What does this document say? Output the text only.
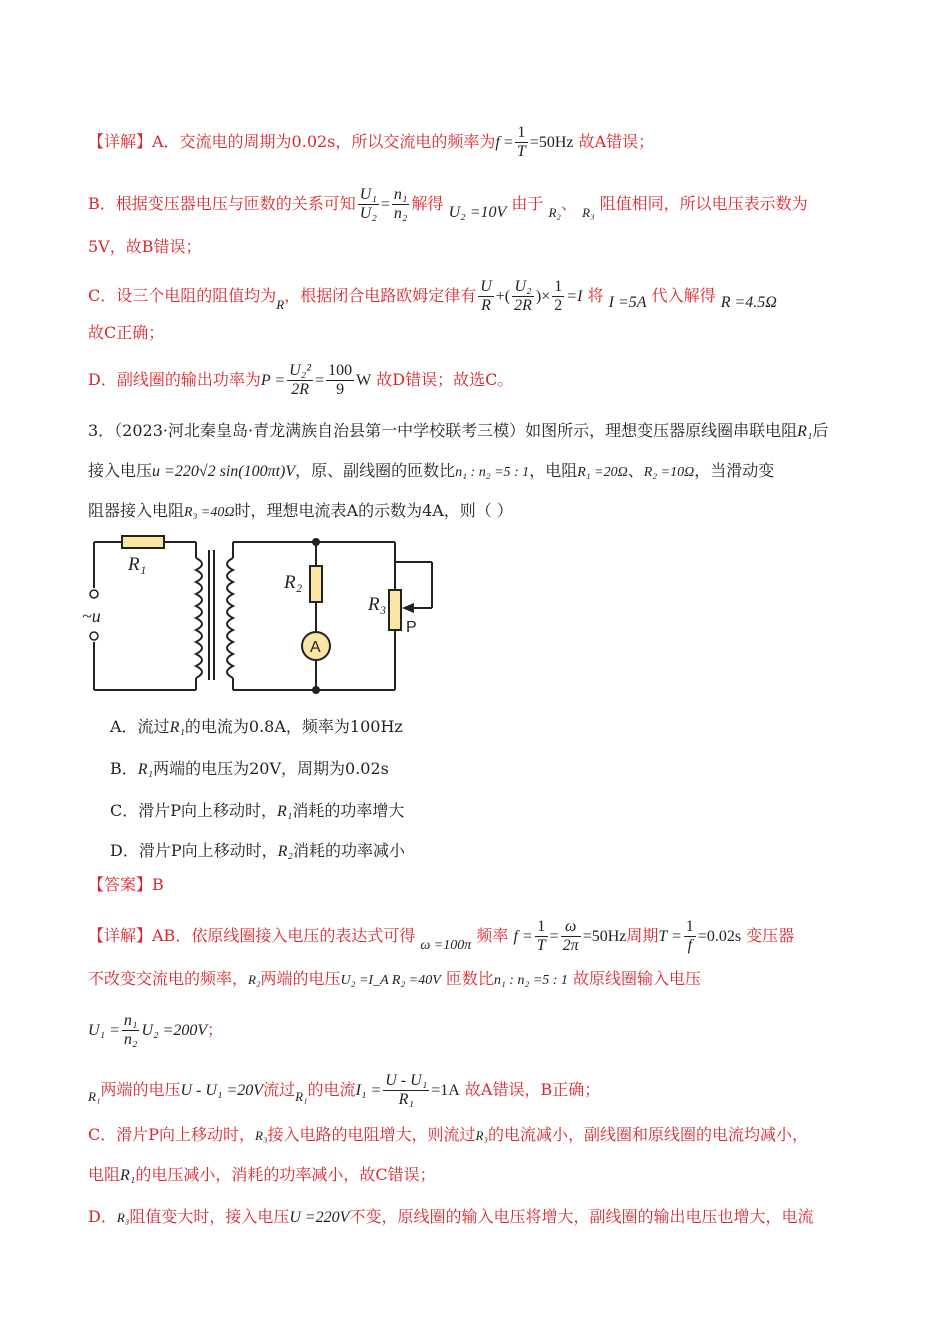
【详解】A．交流电的周期为0.02s，所以交流电的频率为$f = \frac{1}{T} =50Hz$ 故A错误；
B．根据变压器电压与匝数的关系可知 $\frac{\text{U₁}}{\text{U₂}} = \frac{\text{n₁}}{\text{n₂}}$ 解得 U₂ =10V 由于 $_{R_2}$、 $_{R_3}$ 阻值相同，所以电压表示数为
5V，故B错误；
C．设三个电阻的阻值均为$_R$，根据闭合电路欧姆定律有 $\frac{U}{R}$ +( $\frac{\text{U₂}}{2R}$ )× $\frac{1}{2} =I$ 将 I =5A 代入解得 R =4.5Ω
故C正确；
D．副线圈的输出功率为$P = \frac{\text{U₂²}}{2R} = \frac{100}{9}$ W 故D错误；故选C。
3．（2023·河北秦皇岛·青龙满族自治县第一中学校联考三模）如图所示，理想变压器原线圈串联电阻R₁后
接入电压u =220√2 sin(100πt)V，原、副线圈的匝数比n₁ : n₂ =5 : 1，电阻R₁ =20Ω、R₂ =10Ω，当滑动变
阻器接入电阻R₃ =40Ω时，理想电流表A的示数为4A，则（ ）
R₁
~u
R₂
R₃
A
P
A．流过R₁的电流为0.8A，频率为100Hz
B．R₁两端的电压为20V，周期为0.02s
C．滑片P向上移动时，R₁消耗的功率增大
D．滑片P向上移动时，R₂消耗的功率减小
【答案】B
【详解】AB．依原线圈接入电压的表达式可得 ω =100π 频率 $f = \frac{1}{T} = \frac{\omega}{2\pi} =50Hz$周期$T = \frac{1}{f} =0.02s$ 变压器
不改变交流电的频率，R₂两端的电压U₂ =I_A R₂ =40V 匝数比n₁ : n₂ =5 : 1 故原线圈输入电压
$U_1 = \frac{\text{n₁}}{\text{n₂}} U_2 =200V$；
$_{R_1}$两端的电压U - U₁ =20V流过$_{R_1}$的电流$I_1 = \frac{\text{U - U₁}}{\text{R₁}} =1A$ 故A错误，B正确；
C．滑片P向上移动时，R₃接入电路的电阻增大，则流过R₃的电流减小，副线圈和原线圈的电流均减小，
电阻R₁的电压减小，消耗的功率减小，故C错误；
D．R₃阻值变大时，接入电压U =220V不变，原线圈的输入电压将增大，副线圈的输出电压也增大，电流
